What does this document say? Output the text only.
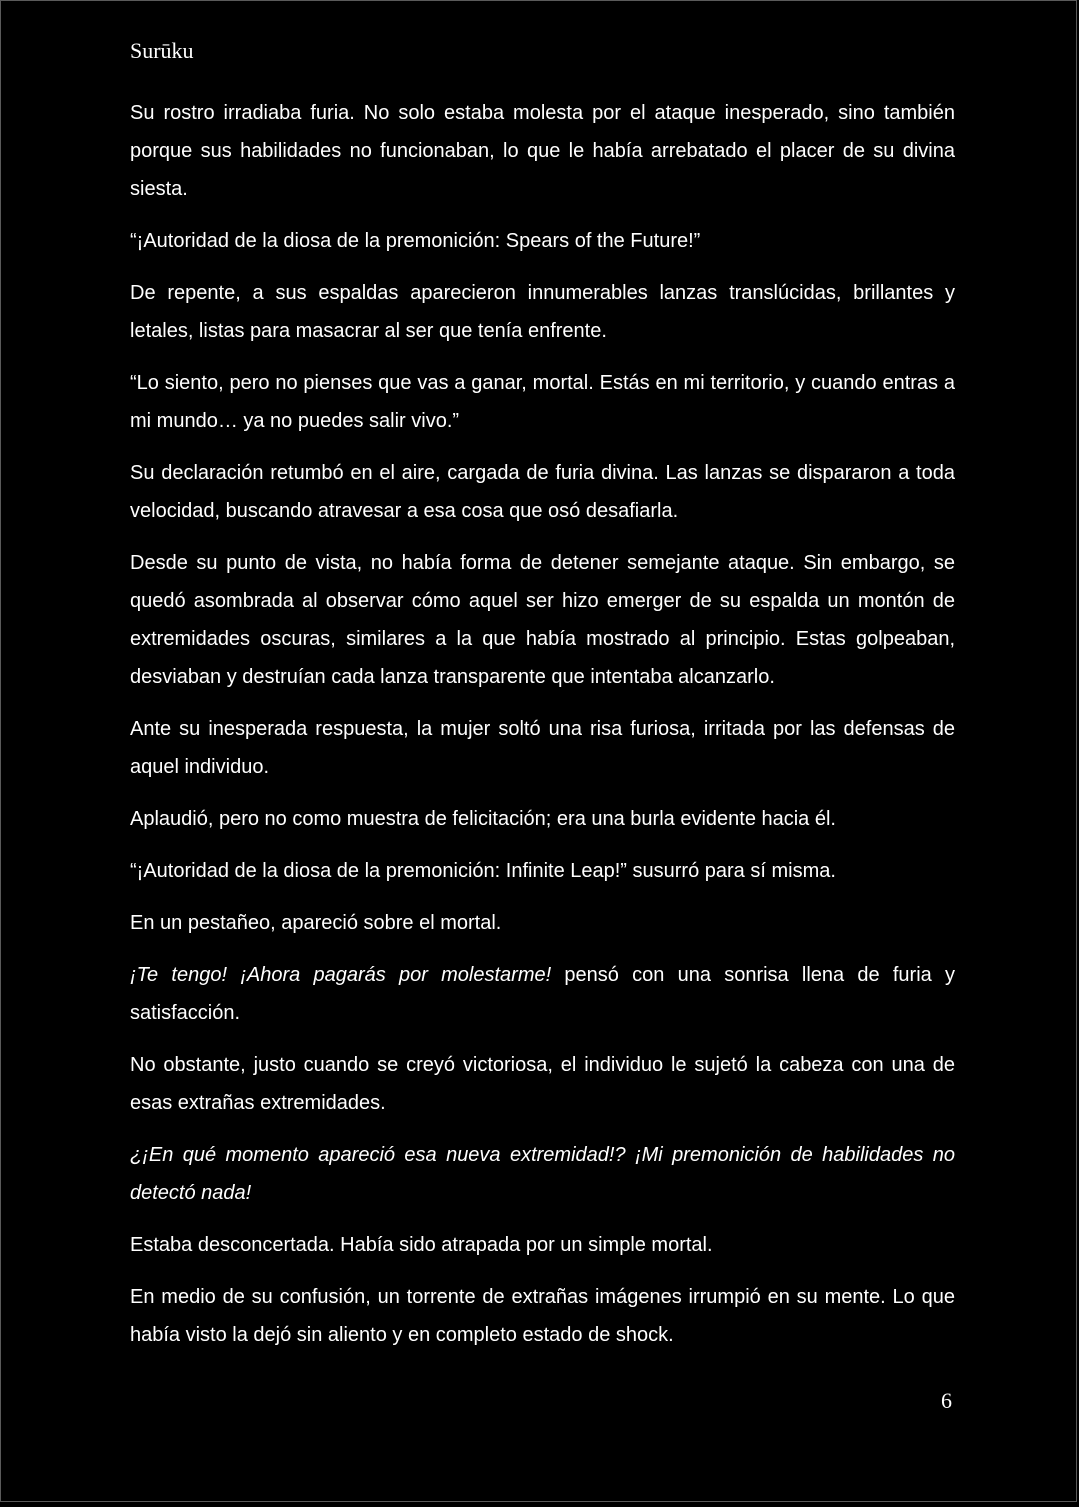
Surūku

Su rostro irradiaba furia. No solo estaba molesta por el ataque inesperado, sino también porque sus habilidades no funcionaban, lo que le había arrebatado el placer de su divina siesta.

“¡Autoridad de la diosa de la premonición: Spears of the Future!”

De repente, a sus espaldas aparecieron innumerables lanzas translúcidas, brillantes y letales, listas para masacrar al ser que tenía enfrente.

“Lo siento, pero no pienses que vas a ganar, mortal. Estás en mi territorio, y cuando entras a mi mundo… ya no puedes salir vivo.”

Su declaración retumbó en el aire, cargada de furia divina. Las lanzas se dispararon a toda velocidad, buscando atravesar a esa cosa que osó desafiarla.

Desde su punto de vista, no había forma de detener semejante ataque. Sin embargo, se quedó asombrada al observar cómo aquel ser hizo emerger de su espalda un montón de extremidades oscuras, similares a la que había mostrado al principio. Estas golpeaban, desviaban y destruían cada lanza transparente que intentaba alcanzarlo.

Ante su inesperada respuesta, la mujer soltó una risa furiosa, irritada por las defensas de aquel individuo.

Aplaudió, pero no como muestra de felicitación; era una burla evidente hacia él.

“¡Autoridad de la diosa de la premonición: Infinite Leap!” susurró para sí misma.

En un pestañeo, apareció sobre el mortal.

¡Te tengo! ¡Ahora pagarás por molestarme! pensó con una sonrisa llena de furia y satisfacción.

No obstante, justo cuando se creyó victoriosa, el individuo le sujetó la cabeza con una de esas extrañas extremidades.

¿¡En qué momento apareció esa nueva extremidad!? ¡Mi premonición de habilidades no detectó nada!

Estaba desconcertada. Había sido atrapada por un simple mortal.

En medio de su confusión, un torrente de extrañas imágenes irrumpió en su mente. Lo que había visto la dejó sin aliento y en completo estado de shock.

6
